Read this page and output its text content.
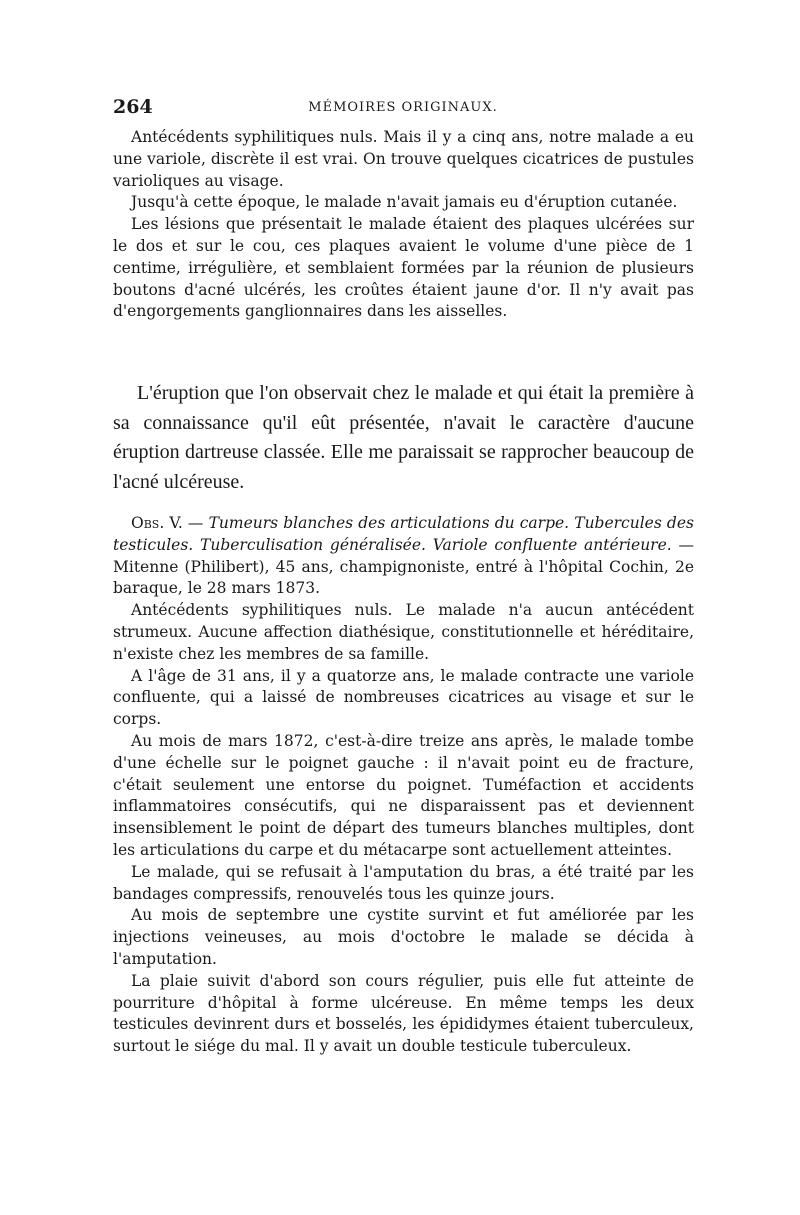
264	MÉMOIRES ORIGINAUX.

Antécédents syphilitiques nuls. Mais il y a cinq ans, notre malade a eu une variole, discrète il est vrai. On trouve quelques cicatrices de pustules varioliques au visage.

Jusqu'à cette époque, le malade n'avait jamais eu d'éruption cutanée.

Les lésions que présentait le malade étaient des plaques ulcérées sur le dos et sur le cou, ces plaques avaient le volume d'une pièce de 1 centime, irrégulière, et semblaient formées par la réunion de plusieurs boutons d'acné ulcérés, les croûtes étaient jaune d'or. Il n'y avait pas d'engorgements ganglionnaires dans les aisselles.

L'éruption que l'on observait chez le malade et qui était la première à sa connaissance qu'il eût présentée, n'avait le caractère d'aucune éruption dartreuse classée. Elle me paraissait se rapprocher beaucoup de l'acné ulcéreuse.

Obs. V. — Tumeurs blanches des articulations du carpe. Tubercules des testicules. Tuberculisation généralisée. Variole confluente antérieure. — Mitenne (Philibert), 45 ans, champignoniste, entré à l'hôpital Cochin, 2e baraque, le 28 mars 1873.

Antécédents syphilitiques nuls. Le malade n'a aucun antécédent strumeux. Aucune affection diathésique, constitutionnelle et héréditaire, n'existe chez les membres de sa famille.

A l'âge de 31 ans, il y a quatorze ans, le malade contracte une variole confluente, qui a laissé de nombreuses cicatrices au visage et sur le corps.

Au mois de mars 1872, c'est-à-dire treize ans après, le malade tombe d'une échelle sur le poignet gauche : il n'avait point eu de fracture, c'était seulement une entorse du poignet. Tuméfaction et accidents inflammatoires consécutifs, qui ne disparaissent pas et deviennent insensiblement le point de départ des tumeurs blanches multiples, dont les articulations du carpe et du métacarpe sont actuellement atteintes.

Le malade, qui se refusait à l'amputation du bras, a été traité par les bandages compressifs, renouvelés tous les quinze jours.

Au mois de septembre une cystite survint et fut améliorée par les injections veineuses, au mois d'octobre le malade se décida à l'amputation.

La plaie suivit d'abord son cours régulier, puis elle fut atteinte de pourriture d'hôpital à forme ulcéreuse. En même temps les deux testicules devinrent durs et bosselés, les épididymes étaient tuberculeux, surtout le siége du mal. Il y avait un double testicule tuberculeux.
